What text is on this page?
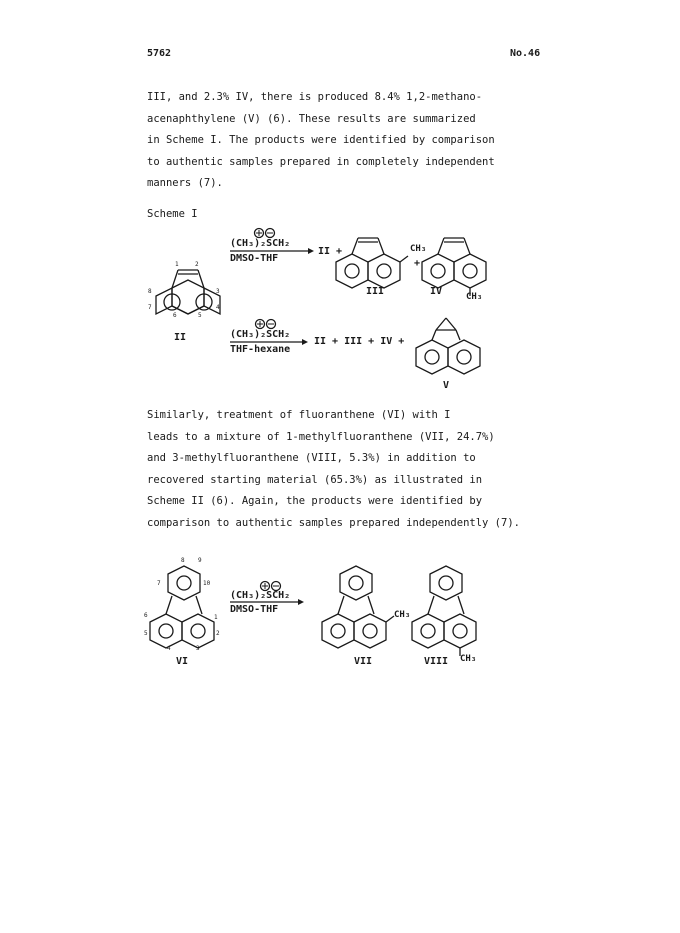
5762	No.46
III, and 2.3% IV, there is produced 8.4% 1,2-methano-
acenaphthylene (V) (6). These results are summarized
in Scheme I. The products were identified by comparison
to authentic samples prepared in completely independent
manners (7).
Scheme I
(CH₃)₂SCH₂
DMSO-THF
II +	CH₃
+
III	IV	CH₃
II	(CH₃)₂SCH₂
THF-hexane
II + III + IV +
V
1	2
3
4
5
6
7
8
Similarly, treatment of fluoranthene (VI) with I
leads to a mixture of 1-methylfluoranthene (VII, 24.7%)
and 3-methylfluoranthene (VIII, 5.3%) in addition to
recovered starting material (65.3%) as illustrated in
Scheme II (6). Again, the products were identified by
comparison to authentic samples prepared independently (7).
(CH₃)₂SCH₂
DMSO-THF
VI	VII	VIII
CH₃
CH₃
8 9
10
1
2
3
4
5
6
7
